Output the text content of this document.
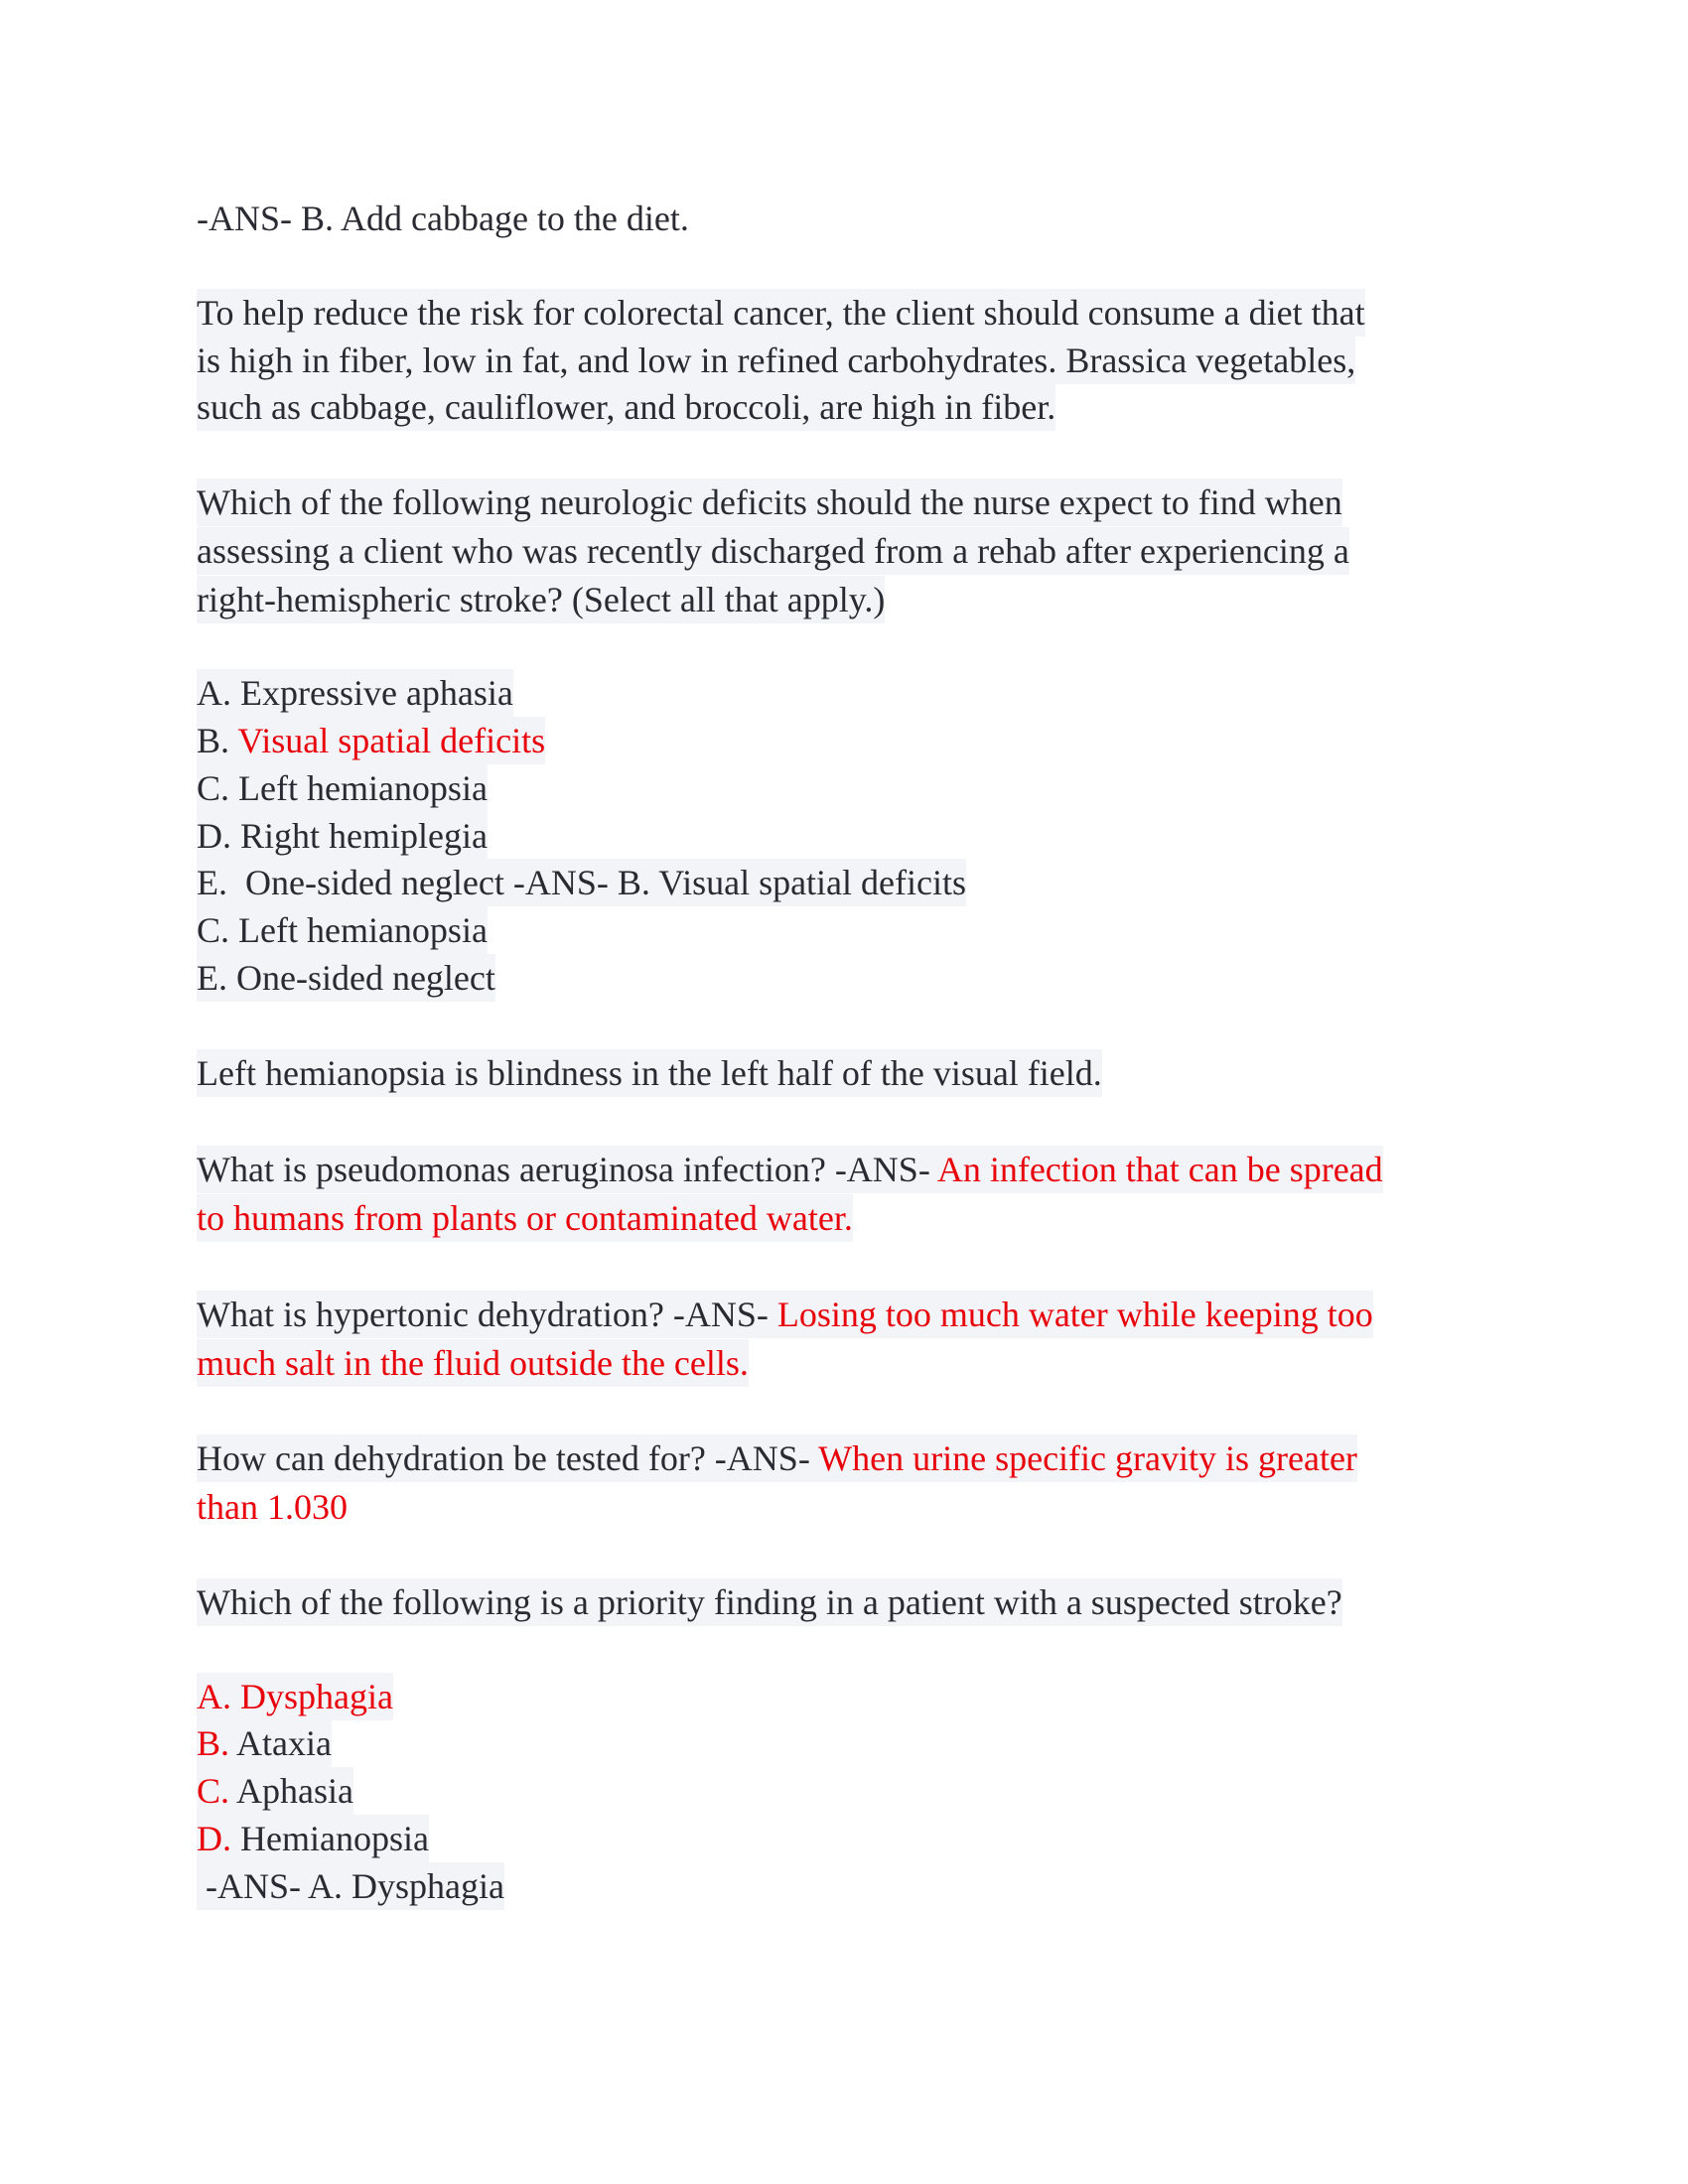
-ANS- B. Add cabbage to the diet.
To help reduce the risk for colorectal cancer, the client should consume a diet that
is high in fiber, low in fat, and low in refined carbohydrates. Brassica vegetables,
such as cabbage, cauliflower, and broccoli, are high in fiber.
Which of the following neurologic deficits should the nurse expect to find when
assessing a client who was recently discharged from a rehab after experiencing a
right-hemispheric stroke? (Select all that apply.)
A. Expressive aphasia
B. Visual spatial deficits
C. Left hemianopsia
D. Right hemiplegia
E.  One-sided neglect -ANS- B. Visual spatial deficits
C. Left hemianopsia
E. One-sided neglect
Left hemianopsia is blindness in the left half of the visual field.
What is pseudomonas aeruginosa infection? -ANS- An infection that can be spread
to humans from plants or contaminated water.
What is hypertonic dehydration? -ANS- Losing too much water while keeping too
much salt in the fluid outside the cells.
How can dehydration be tested for? -ANS- When urine specific gravity is greater
than 1.030
Which of the following is a priority finding in a patient with a suspected stroke?
A. Dysphagia
B. Ataxia
C. Aphasia
D. Hemianopsia
-ANS- A. Dysphagia
